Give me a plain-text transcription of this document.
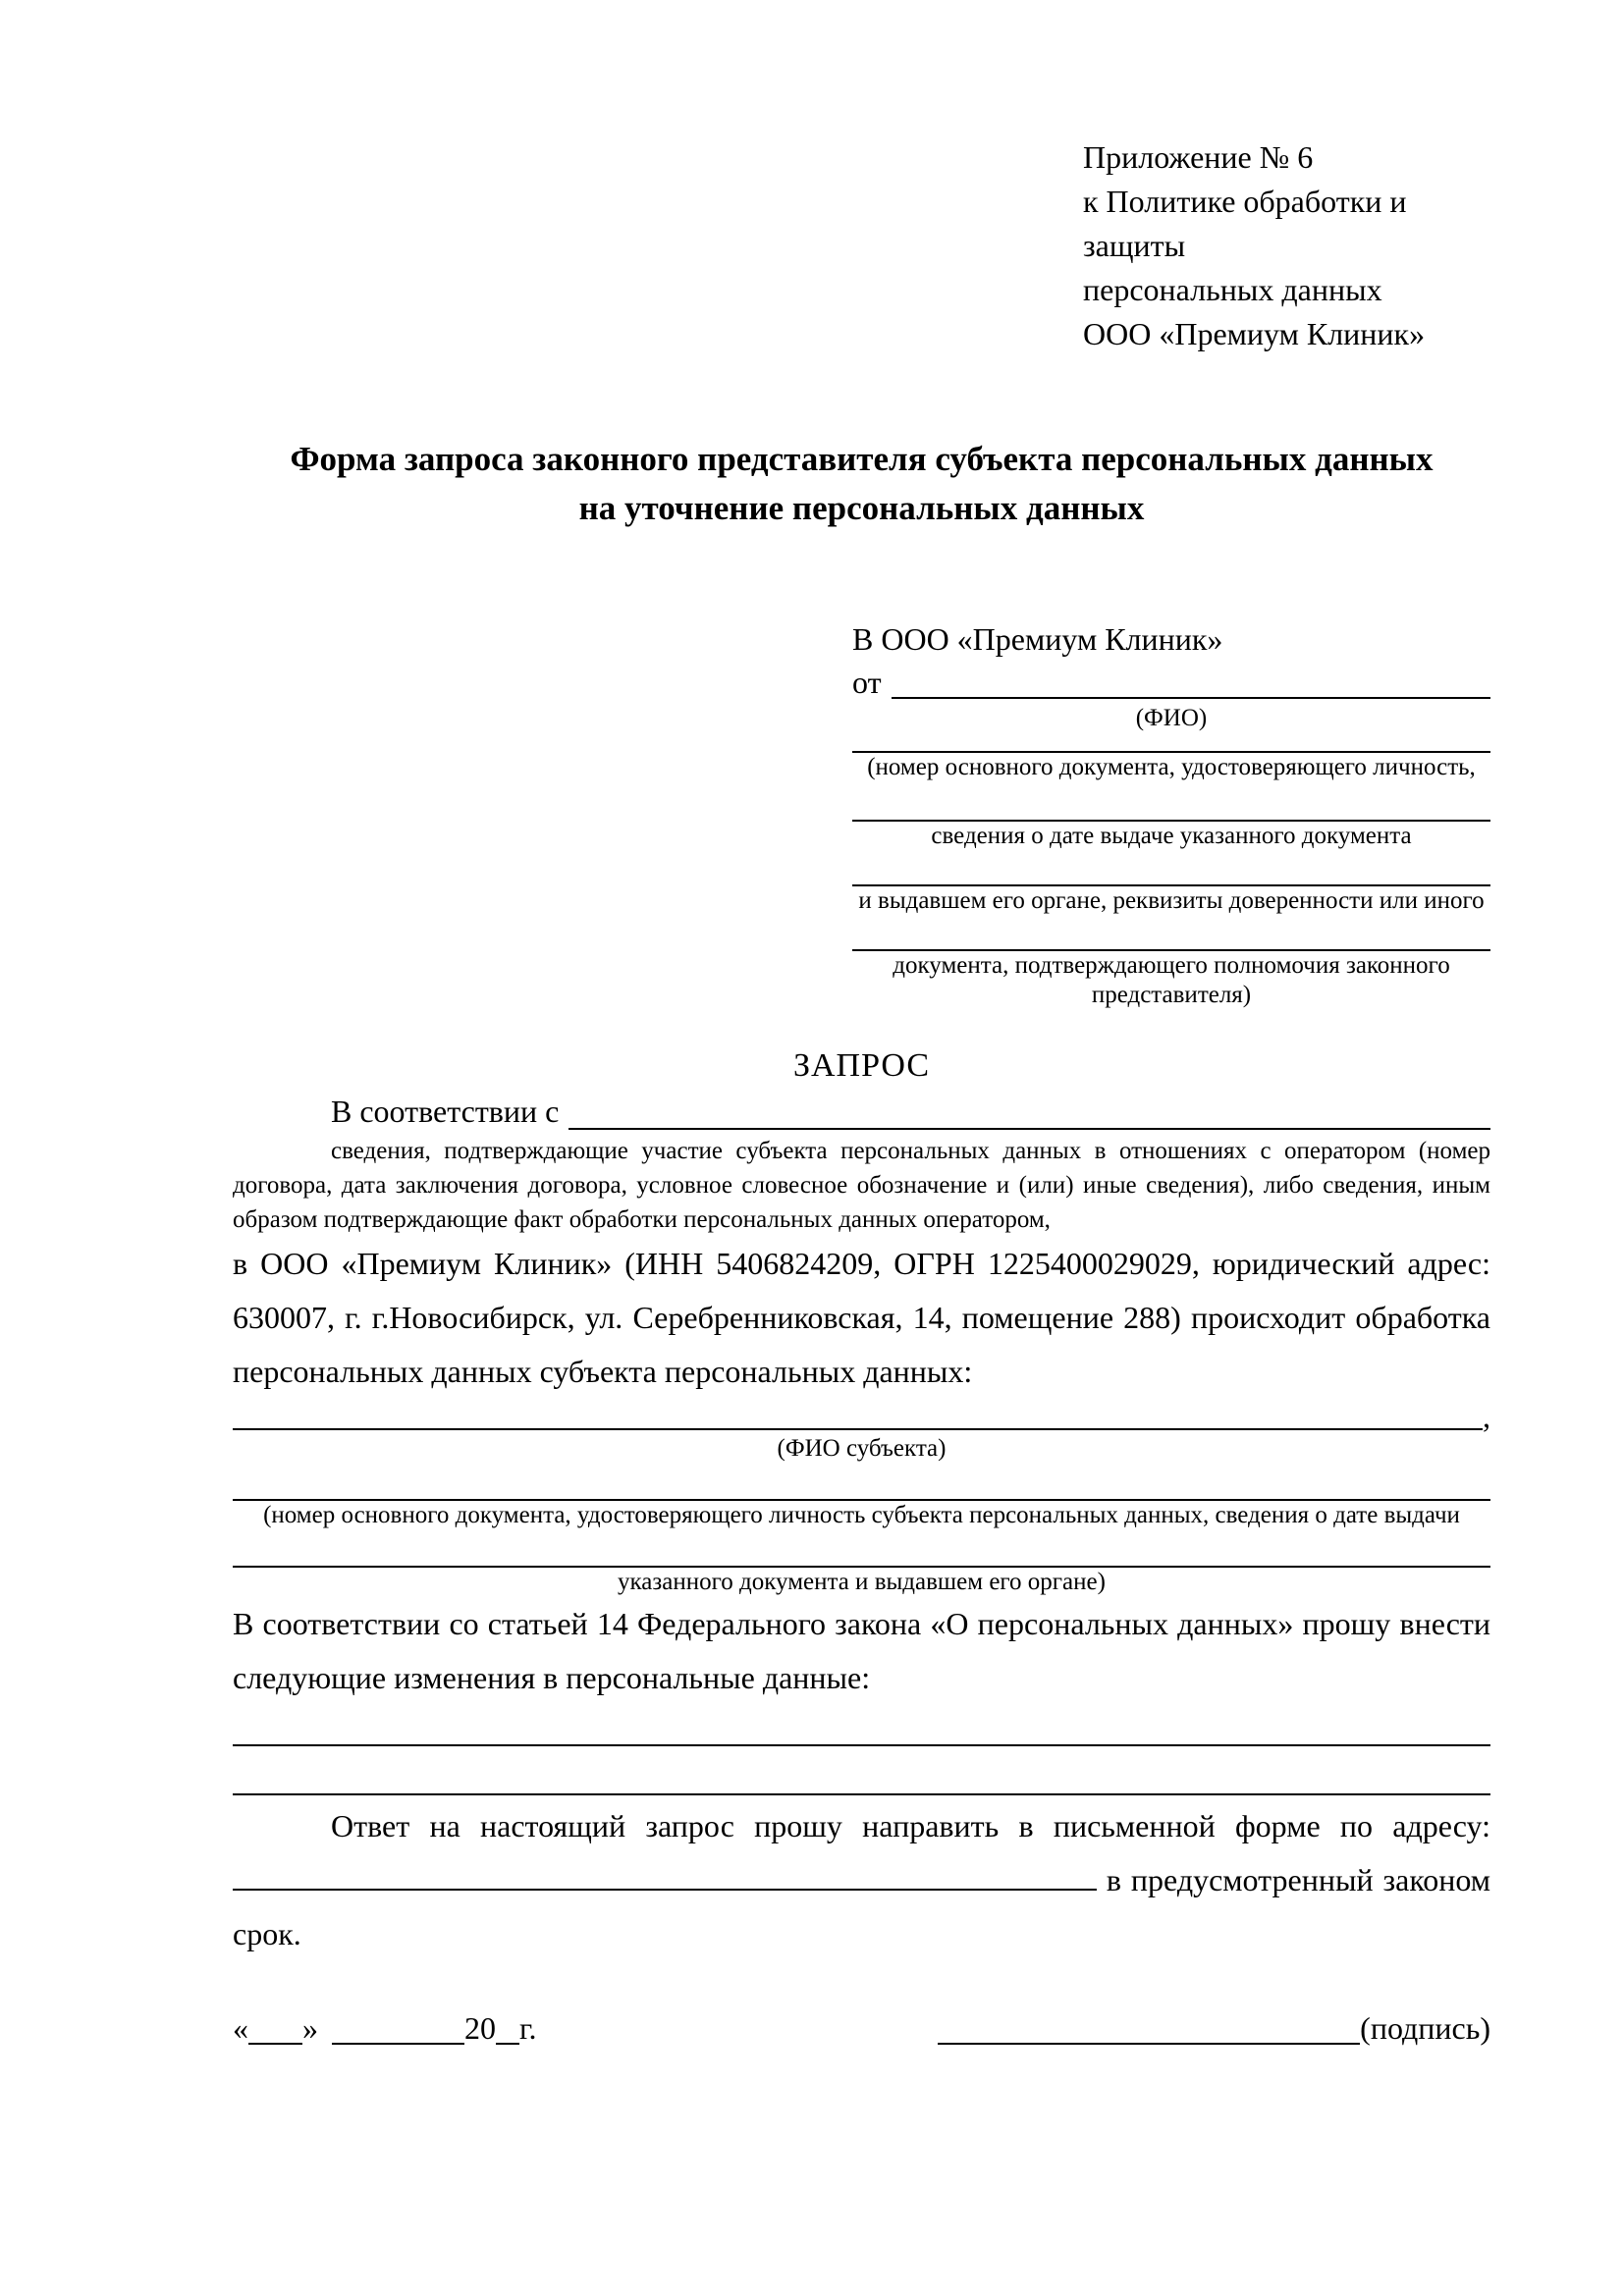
Приложение № 6
к Политике обработки и защиты
персональных данных
ООО «Премиум Клиник»
Форма запроса законного представителя субъекта персональных данных
на уточнение персональных данных
В ООО «Премиум Клиник»
от
(ФИО)
(номер основного документа, удостоверяющего личность,
сведения о дате выдаче указанного документа
и выдавшем его органе, реквизиты доверенности или иного
документа, подтверждающего полномочия законного представителя)
ЗАПРОС
В соответствии с
сведения, подтверждающие участие субъекта персональных данных в отношениях с оператором (номер договора, дата заключения договора, условное словесное обозначение и (или) иные сведения), либо сведения, иным образом подтверждающие факт обработки персональных данных оператором,
в ООО «Премиум Клиник» (ИНН 5406824209, ОГРН 1225400029029, юридический адрес: 630007, г. г.Новосибирск, ул. Серебренниковская, 14, помещение 288) происходит обработка персональных данных субъекта персональных данных:
,
(ФИО субъекта)
(номер основного документа, удостоверяющего личность субъекта персональных данных, сведения о дате выдачи
указанного документа и выдавшем его органе)
В соответствии со статьей 14 Федерального закона «О персональных данных» прошу внести следующие изменения в персональные данные:
Ответ на настоящий запрос прошу направить в письменной форме по адресу:  в предусмотренный законом срок.
« »	20 г.	(подпись)
